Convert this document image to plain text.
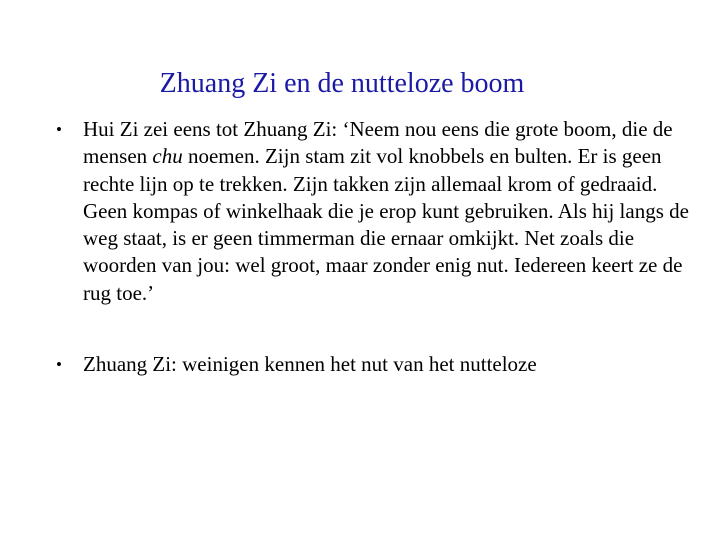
Zhuang Zi en de nutteloze boom
• Hui Zi zei eens tot Zhuang Zi: ‘Neem nou eens die grote boom, die de mensen chu noemen. Zijn stam zit vol knobbels en bulten. Er is geen rechte lijn op te trekken. Zijn takken zijn allemaal krom of gedraaid. Geen kompas of winkelhaak die je erop kunt gebruiken. Als hij langs de weg staat, is er geen timmerman die ernaar omkijkt. Net zoals die woorden van jou: wel groot, maar zonder enig nut. Iedereen keert ze de rug toe.’
• Zhuang Zi: weinigen kennen het nut van het nutteloze
